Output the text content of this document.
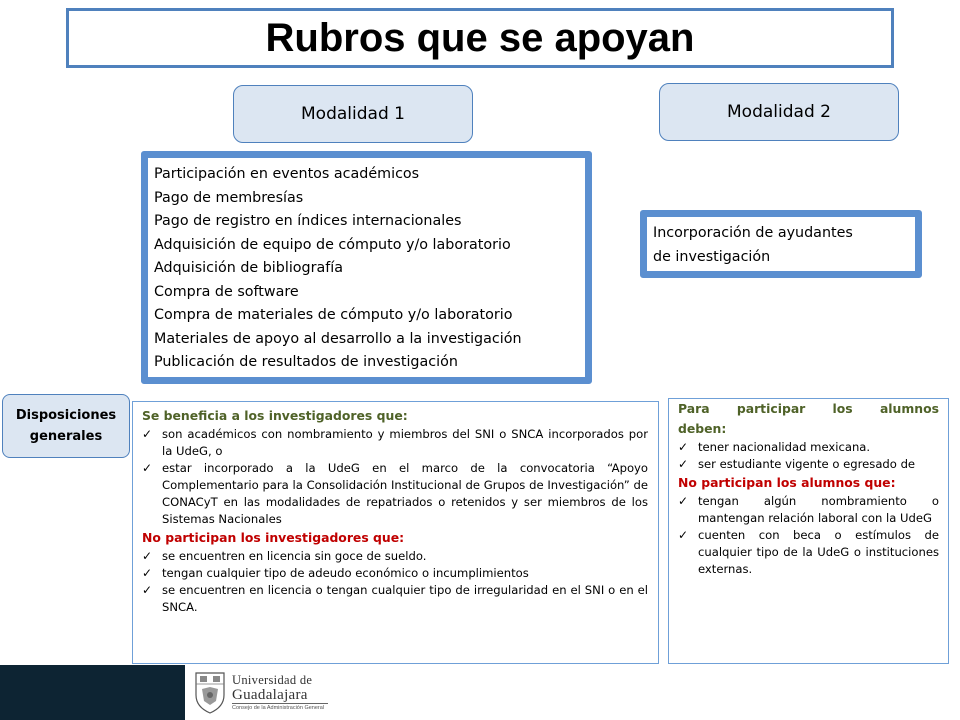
Rubros que se apoyan
Modalidad 1	Modalidad 2
Participación en eventos académicos
Pago de membresías
Pago de registro en índices internacionales
Adquisición de equipo de cómputo y/o laboratorio
Adquisición de bibliografía
Compra de software
Compra de materiales de cómputo y/o laboratorio
Materiales de apoyo al desarrollo a la investigación
Publicación de resultados de investigación
Incorporación de ayudantes
de investigación
Disposiciones
generales
Se beneficia a los investigadores que:
✓ son académicos con nombramiento y miembros del SNI o SNCA incorporados por la UdeG, o
✓ estar incorporado a la UdeG en el marco de la convocatoria “Apoyo Complementario para la Consolidación Institucional de Grupos de Investigación” de CONACyT en las modalidades de repatriados o retenidos y ser miembros de los Sistemas Nacionales
No participan los investigadores que:
✓ se encuentren en licencia sin goce de sueldo.
✓ tengan cualquier tipo de adeudo económico o incumplimientos
✓ se encuentren en licencia o tengan cualquier tipo de irregularidad en el SNI o en el SNCA.
Para participar los alumnos
deben:
✓ tener nacionalidad mexicana.
✓ ser estudiante vigente o egresado de
No participan los alumnos que:
✓ tengan algún nombramiento o mantengan relación laboral con la UdeG
✓ cuenten con beca o estímulos de cualquier tipo de la UdeG o instituciones externas.
Universidad de
Guadalajara
Consejo de la Administración General
